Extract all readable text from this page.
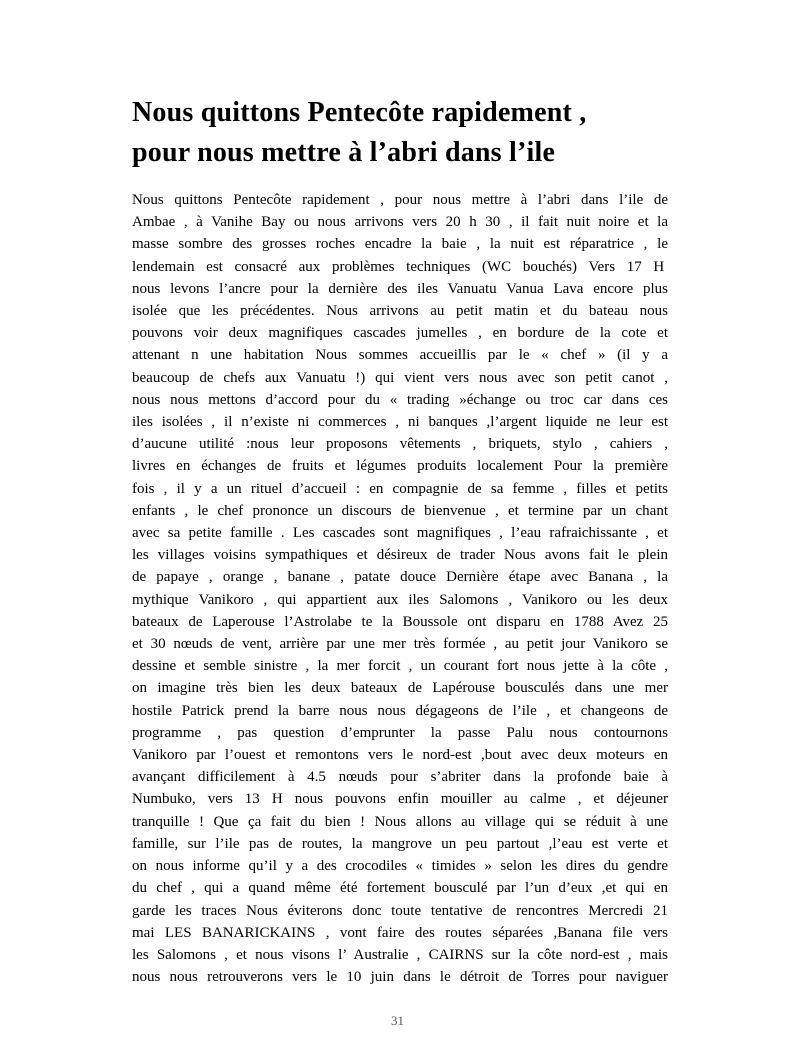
Nous quittons Pentecôte rapidement ,
pour nous mettre à l’abri dans l’ile
Nous quittons Pentecôte rapidement , pour nous mettre à l’abri dans l’ile de
Ambae , à Vanihe Bay ou nous arrivons vers 20 h 30 , il fait nuit noire et la
masse sombre des grosses roches encadre la baie , la nuit est réparatrice , le
lendemain est consacré aux problèmes techniques (WC bouchés) Vers 17 H
nous levons l’ancre pour la dernière des iles Vanuatu Vanua Lava encore plus
isolée que les précédentes. Nous arrivons au petit matin et du bateau nous
pouvons voir deux magnifiques cascades jumelles , en bordure de la cote et
attenant n une habitation Nous sommes accueillis par le « chef » (il y a
beaucoup de chefs aux Vanuatu !) qui vient vers nous avec son petit canot ,
nous nous mettons d’accord pour du « trading »échange ou troc car dans ces
iles isolées , il n’existe ni commerces , ni banques ,l’argent liquide ne leur est
d’aucune utilité :nous leur proposons vêtements , briquets, stylo , cahiers ,
livres en échanges de fruits et légumes produits localement Pour la première
fois , il y a un rituel d’accueil : en compagnie de sa femme , filles et petits
enfants , le chef prononce un discours de bienvenue , et termine par un chant
avec sa petite famille . Les cascades sont magnifiques , l’eau rafraichissante , et
les villages voisins sympathiques et désireux de trader Nous avons fait le plein
de papaye , orange , banane , patate douce Dernière étape avec Banana , la
mythique Vanikoro , qui appartient aux iles Salomons , Vanikoro ou les deux
bateaux de Laperouse l’Astrolabe te la Boussole ont disparu en 1788 Avez 25
et 30 nœuds de vent, arrière par une mer très formée , au petit jour Vanikoro se
dessine et semble sinistre , la mer forcit , un courant fort nous jette à la côte ,
on imagine très bien les deux bateaux de Lapérouse bousculés dans une mer
hostile Patrick prend la barre nous nous dégageons de l’ile , et changeons de
programme , pas question d’emprunter la passe Palu nous contournons
Vanikoro par l’ouest et remontons vers le nord-est ,bout avec deux moteurs en
avançant difficilement à 4.5 nœuds pour s’abriter dans la profonde baie à
Numbuko, vers 13 H nous pouvons enfin mouiller au calme , et déjeuner
tranquille ! Que ça fait du bien ! Nous allons au village qui se réduit à une
famille, sur l’ile pas de routes, la mangrove un peu partout ,l’eau est verte et
on nous informe qu’il y a des crocodiles « timides » selon les dires du gendre
du chef , qui a quand même été fortement bousculé par l’un d’eux ,et qui en
garde les traces Nous éviterons donc toute tentative de rencontres Mercredi 21
mai LES BANARICKAINS , vont faire des routes séparées ,Banana file vers
les Salomons , et nous visons l’ Australie , CAIRNS sur la côte nord-est , mais
nous nous retrouverons vers le 10 juin dans le détroit de Torres pour naviguer
31
